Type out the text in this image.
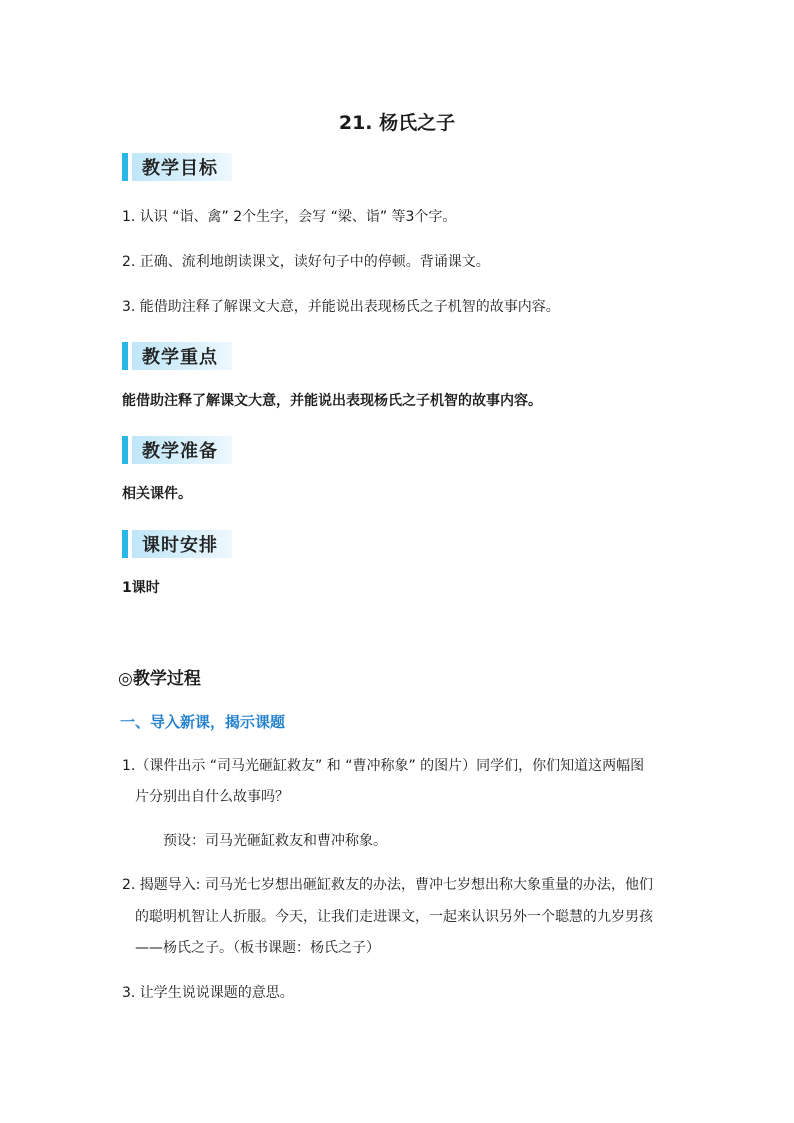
21. 杨氏之子
教学目标
1. 认识 “诣、禽” 2个生字，会写 “梁、诣” 等3个字。
2. 正确、流利地朗读课文，读好句子中的停顿。背诵课文。
3. 能借助注释了解课文大意，并能说出表现杨氏之子机智的故事内容。
教学重点
能借助注释了解课文大意，并能说出表现杨氏之子机智的故事内容。
教学准备
相关课件。
课时安排
1课时
◎教学过程
一、导入新课，揭示课题
1.（课件出示 “司马光砸缸救友” 和 “曹冲称象” 的图片）同学们，你们知道这两幅图
片分别出自什么故事吗？
预设：司马光砸缸救友和曹冲称象。
2. 揭题导入: 司马光七岁想出砸缸救友的办法，曹冲七岁想出称大象重量的办法，他们
的聪明机智让人折服。今天，让我们走进课文，一起来认识另外一个聪慧的九岁男孩
——杨氏之子。（板书课题：杨氏之子）
3. 让学生说说课题的意思。
